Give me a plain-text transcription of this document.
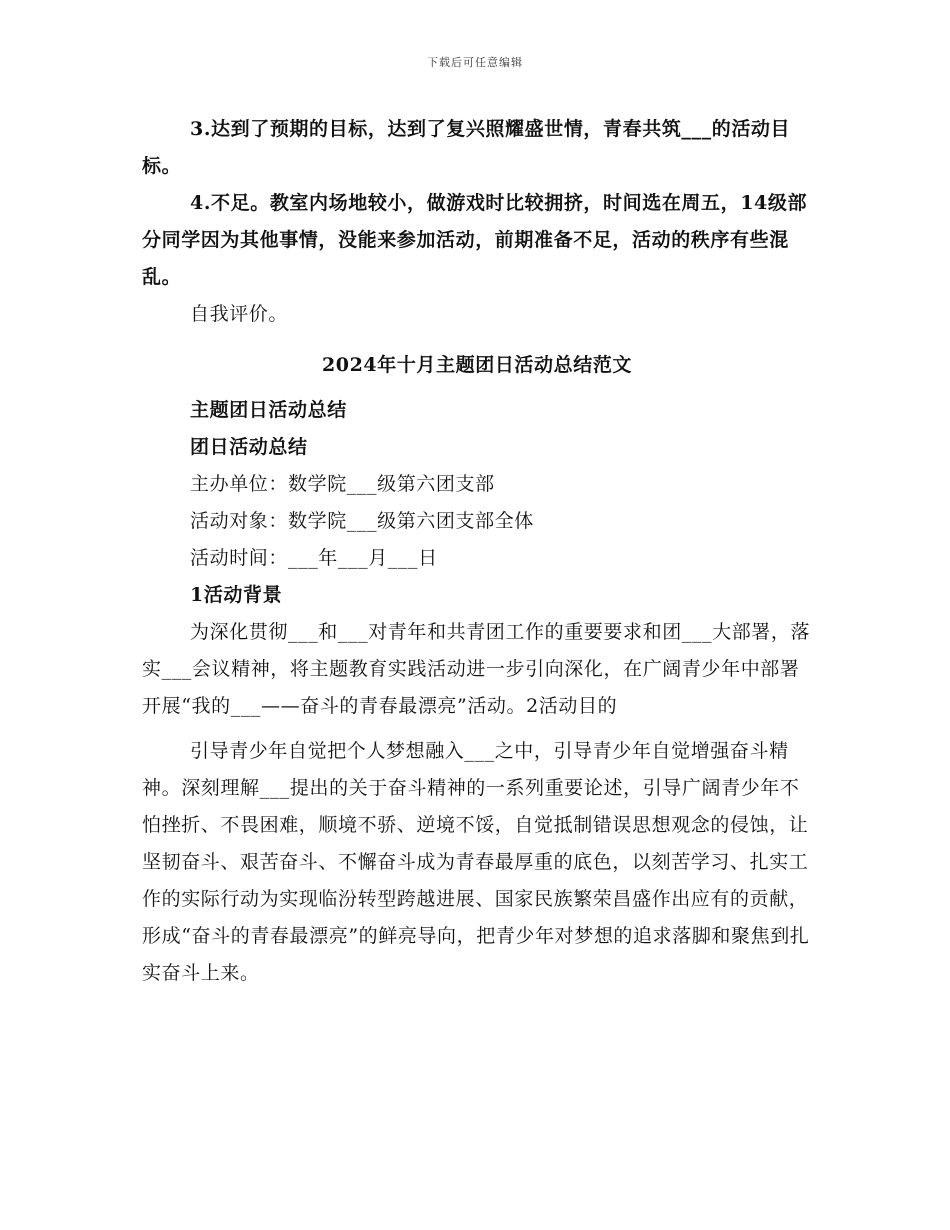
下载后可任意编辑

3.达到了预期的目标，达到了复兴照耀盛世情，青春共筑___的活动目标。

4.不足。教室内场地较小，做游戏时比较拥挤，时间选在周五，14级部分同学因为其他事情，没能来参加活动，前期准备不足，活动的秩序有些混乱。

自我评价。

2024年十月主题团日活动总结范文

主题团日活动总结

团日活动总结

主办单位：数学院___级第六团支部

活动对象：数学院___级第六团支部全体

活动时间：___年___月___日

1活动背景

为深化贯彻___和___对青年和共青团工作的重要要求和团___大部署，落实___会议精神，将主题教育实践活动进一步引向深化，在广阔青少年中部署开展“我的___——奋斗的青春最漂亮”活动。2活动目的

引导青少年自觉把个人梦想融入___之中，引导青少年自觉增强奋斗精神。深刻理解___提出的关于奋斗精神的一系列重要论述，引导广阔青少年不怕挫折、不畏困难，顺境不骄、逆境不馁，自觉抵制错误思想观念的侵蚀，让坚韧奋斗、艰苦奋斗、不懈奋斗成为青春最厚重的底色，以刻苦学习、扎实工作的实际行动为实现临汾转型跨越进展、国家民族繁荣昌盛作出应有的贡献，形成“奋斗的青春最漂亮”的鲜亮导向，把青少年对梦想的追求落脚和聚焦到扎实奋斗上来。
